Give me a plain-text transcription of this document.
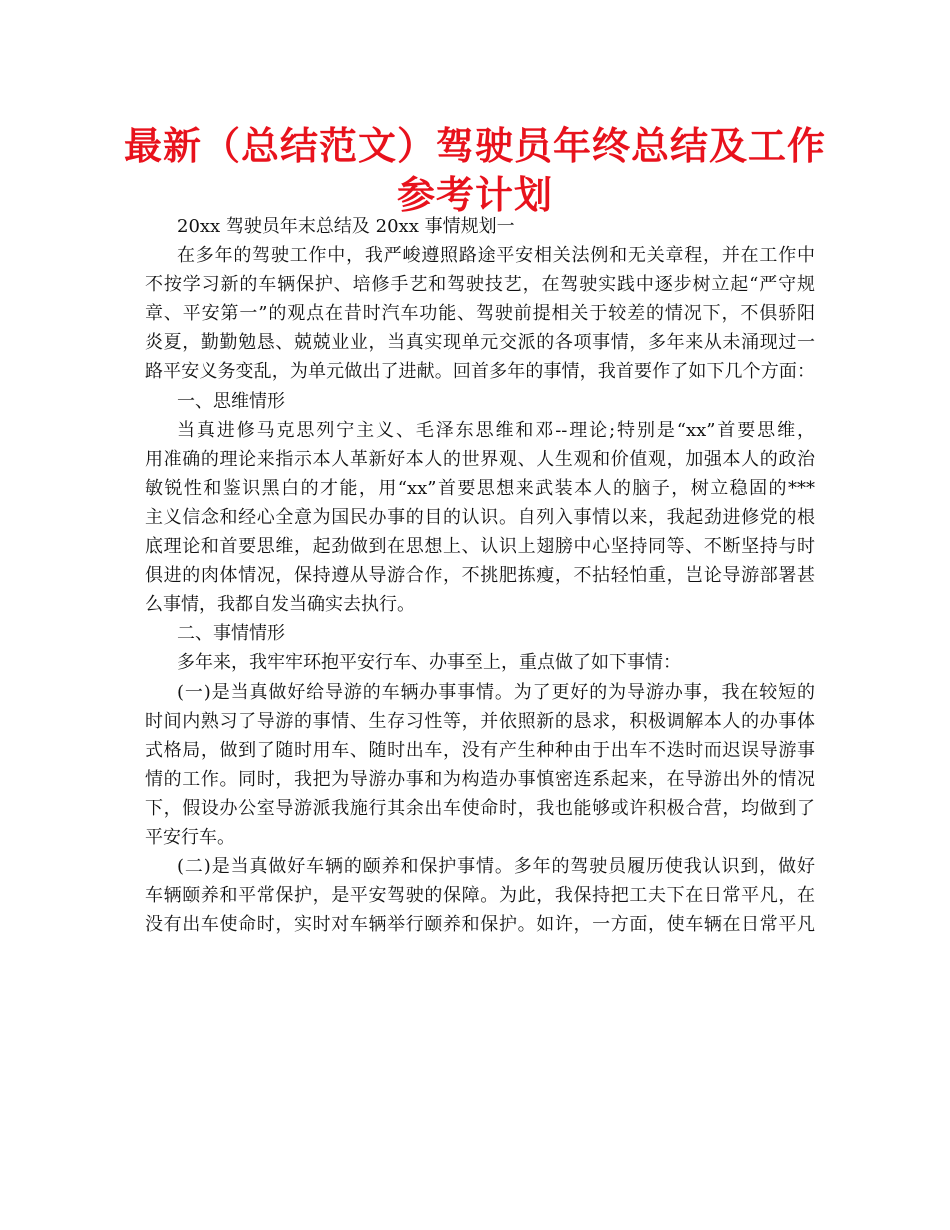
最新（总结范文）驾驶员年终总结及工作
参考计划
20xx 驾驶员年末总结及 20xx 事情规划一
在多年的驾驶工作中，我严峻遵照路途平安相关法例和无关章程，并在工作中
不按学习新的车辆保护、培修手艺和驾驶技艺，在驾驶实践中逐步树立起“严守规
章、平安第一”的观点在昔时汽车功能、驾驶前提相关于较差的情况下，不俱骄阳
炎夏，勤勤勉恳、兢兢业业，当真实现单元交派的各项事情，多年来从未涌现过一
路平安义务变乱，为单元做出了进献。回首多年的事情，我首要作了如下几个方面：
一、思维情形
当真进修马克思列宁主义、毛泽东思维和邓--理论;特别是“xx”首要思维，
用准确的理论来指示本人革新好本人的世界观、人生观和价值观，加强本人的政治
敏锐性和鉴识黑白的才能，用“xx”首要思想来武装本人的脑子，树立稳固的***
主义信念和经心全意为国民办事的目的认识。自列入事情以来，我起劲进修党的根
底理论和首要思维，起劲做到在思想上、认识上翅膀中心坚持同等、不断坚持与时
俱进的肉体情况，保持遵从导游合作，不挑肥拣瘦，不拈轻怕重，岂论导游部署甚
么事情，我都自发当确实去执行。
二、事情情形
多年来，我牢牢环抱平安行车、办事至上，重点做了如下事情：
(一)是当真做好给导游的车辆办事事情。为了更好的为导游办事，我在较短的
时间内熟习了导游的事情、生存习性等，并依照新的恳求，积极调解本人的办事体
式格局，做到了随时用车、随时出车，没有产生种种由于出车不迭时而迟误导游事
情的工作。同时，我把为导游办事和为构造办事慎密连系起来，在导游出外的情况
下，假设办公室导游派我施行其余出车使命时，我也能够或许积极合营，均做到了
平安行车。
(二)是当真做好车辆的颐养和保护事情。多年的驾驶员履历使我认识到，做好
车辆颐养和平常保护，是平安驾驶的保障。为此，我保持把工夫下在日常平凡，在
没有出车使命时，实时对车辆举行颐养和保护。如许，一方面，使车辆在日常平凡
